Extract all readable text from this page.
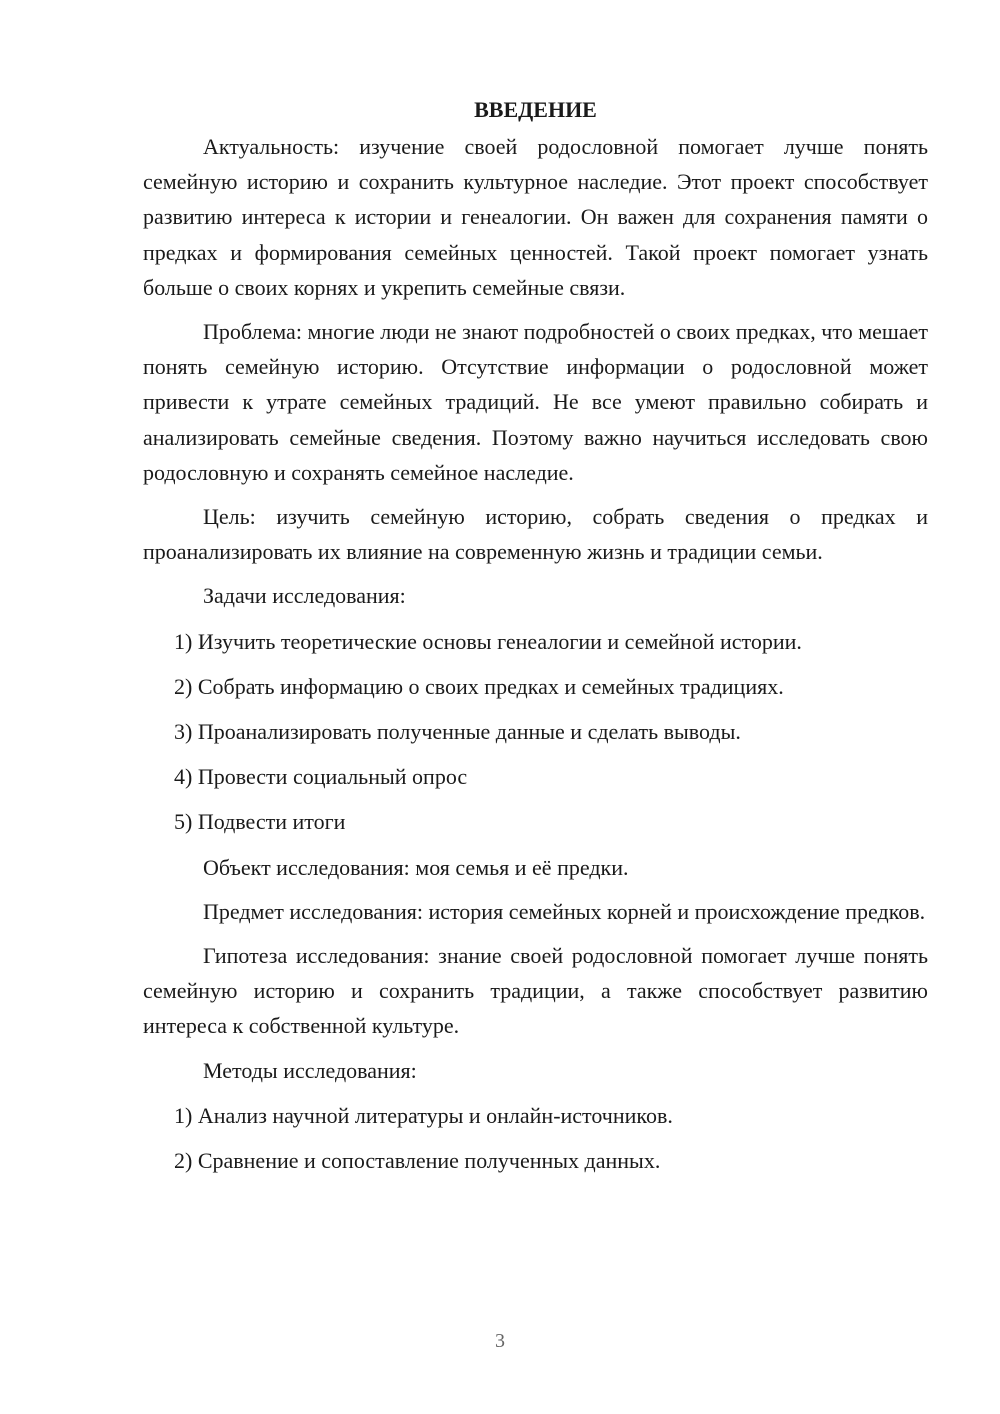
ВВЕДЕНИЕ

Актуальность: изучение своей родословной помогает лучше понять семейную историю и сохранить культурное наследие. Этот проект способствует развитию интереса к истории и генеалогии. Он важен для сохранения памяти о предках и формирования семейных ценностей. Такой проект помогает узнать больше о своих корнях и укрепить семейные связи.

Проблема: многие люди не знают подробностей о своих предках, что мешает понять семейную историю. Отсутствие информации о родословной может привести к утрате семейных традиций. Не все умеют правильно собирать и анализировать семейные сведения. Поэтому важно научиться исследовать свою родословную и сохранять семейное наследие.

Цель: изучить семейную историю, собрать сведения о предках и проанализировать их влияние на современную жизнь и традиции семьи.

Задачи исследования:

1) Изучить теоретические основы генеалогии и семейной истории.

2) Собрать информацию о своих предках и семейных традициях.

3) Проанализировать полученные данные и сделать выводы.

4) Провести социальный опрос

5) Подвести итоги

Объект исследования: моя семья и её предки.

Предмет исследования: история семейных корней и происхождение предков.

Гипотеза исследования: знание своей родословной помогает лучше понять семейную историю и сохранить традиции, а также способствует развитию интереса к собственной культуре.

Методы исследования:

1) Анализ научной литературы и онлайн-источников.

2) Сравнение и сопоставление полученных данных.

3
